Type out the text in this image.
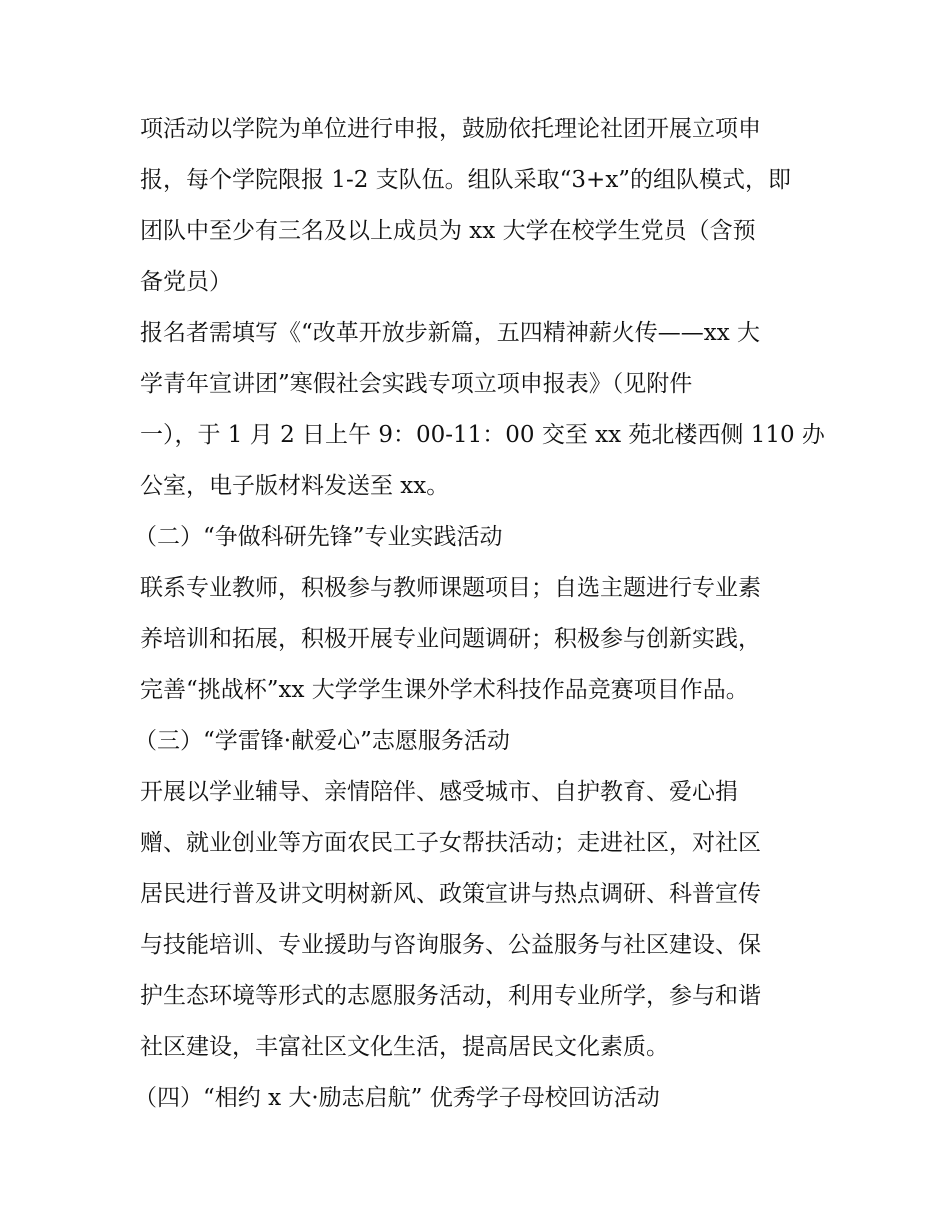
项活动以学院为单位进行申报，鼓励依托理论社团开展立项申
报，每个学院限报 1-2 支队伍。组队采取“3+x”的组队模式，即
团队中至少有三名及以上成员为 xx 大学在校学生党员（含预
备党员）
报名者需填写《“改革开放步新篇，五四精神薪火传——xx 大
学青年宣讲团”寒假社会实践专项立项申报表》（见附件
一），于 1 月 2 日上午 9：00-11：00 交至 xx 苑北楼西侧 110 办
公室，电子版材料发送至 xx。
（二）“争做科研先锋”专业实践活动
联系专业教师，积极参与教师课题项目；自选主题进行专业素
养培训和拓展，积极开展专业问题调研；积极参与创新实践，
完善“挑战杯”xx 大学学生课外学术科技作品竞赛项目作品。
（三）“学雷锋·献爱心”志愿服务活动
开展以学业辅导、亲情陪伴、感受城市、自护教育、爱心捐
赠、就业创业等方面农民工子女帮扶活动；走进社区，对社区
居民进行普及讲文明树新风、政策宣讲与热点调研、科普宣传
与技能培训、专业援助与咨询服务、公益服务与社区建设、保
护生态环境等形式的志愿服务活动，利用专业所学，参与和谐
社区建设，丰富社区文化生活，提高居民文化素质。
（四）“相约 x 大·励志启航” 优秀学子母校回访活动
